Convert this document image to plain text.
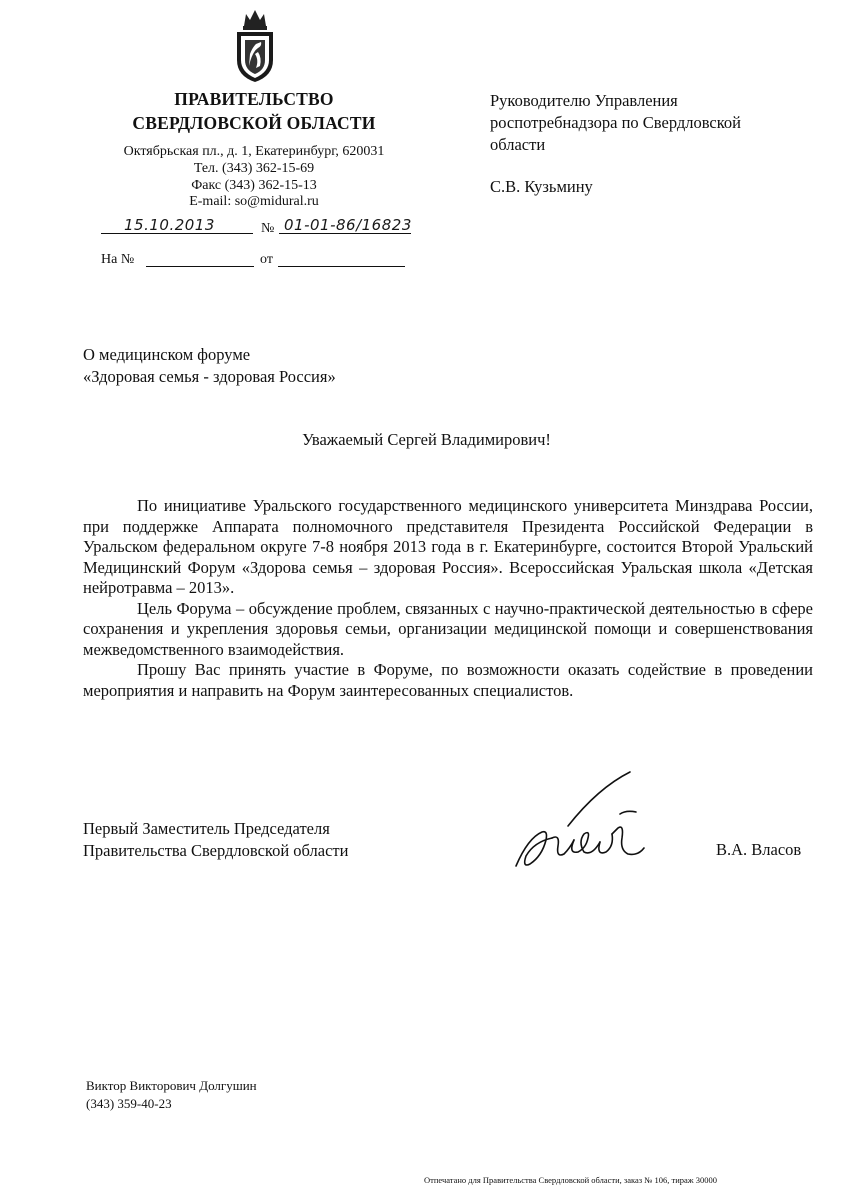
ПРАВИТЕЛЬСТВО
СВЕРДЛОВСКОЙ ОБЛАСТИ
Октябрьская пл., д. 1, Екатеринбург, 620031
Тел. (343) 362-15-69
Факс (343) 362-15-13
E-mail: so@midural.ru
15.10.2013	№ 01-01-86/16823
На №	от
Руководителю Управления
роспотребнадзора по Свердловской
области
С.В. Кузьмину
О медицинском форуме
«Здоровая семья - здоровая Россия»
Уважаемый Сергей Владимирович!

По инициативе Уральского государственного медицинского университета Минздрава России, при поддержке Аппарата полномочного представителя Президента Российской Федерации в Уральском федеральном округе 7-8 ноября 2013 года в г. Екатеринбурге, состоится Второй Уральский Медицинский Форум «Здорова семья – здоровая Россия». Всероссийская Уральская школа «Детская нейротравма – 2013».

Цель Форума – обсуждение проблем, связанных с научно-практической деятельностью в сфере сохранения и укрепления здоровья семьи, организации медицинской помощи и совершенствования межведомственного взаимодействия.

Прошу Вас принять участие в Форуме, по возможности оказать содействие в проведении мероприятия и направить на Форум заинтересованных специалистов.

Первый Заместитель Председателя
Правительства Свердловской области	В.А. Власов
Виктор Викторович Долгушин
(343) 359-40-23
Отпечатано для Правительства Свердловской области, заказ № 106, тираж 30000
